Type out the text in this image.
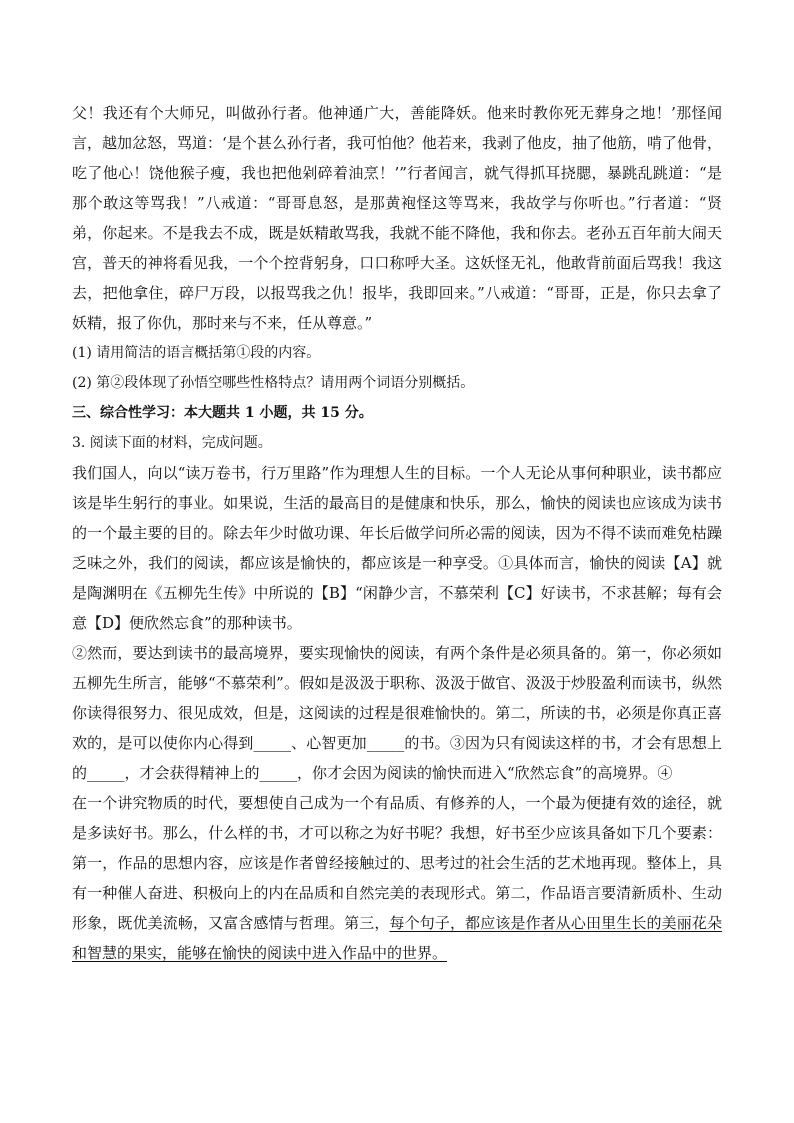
父！我还有个大师兄，叫做孙行者。他神通广大，善能降妖。他来时教你死无葬身之地！’那怪闻言，越加忿怒，骂道：‘是个甚么孙行者，我可怕他？他若来，我剥了他皮，抽了他筋，啃了他骨，吃了他心！饶他猴子瘦，我也把他剁碎着油烹！’”行者闻言，就气得抓耳挠腮，暴跳乱跳道：“是那个敢这等骂我！”八戒道：“哥哥息怒，是那黄袍怪这等骂来，我故学与你听也。”行者道：“贤弟，你起来。不是我去不成，既是妖精敢骂我，我就不能不降他，我和你去。老孙五百年前大闹天宫，普天的神将看见我，一个个控背躬身，口口称呼大圣。这妖怪无礼，他敢背前面后骂我！我这去，把他拿住，碎尸万段，以报骂我之仇！报毕，我即回来。”八戒道：“哥哥，正是，你只去拿了妖精，报了你仇，那时来与不来，任从尊意。”

(1) 请用简洁的语言概括第①段的内容。

(2) 第②段体现了孙悟空哪些性格特点？请用两个词语分别概括。

三、综合性学习：本大题共 1 小题，共 15 分。

3. 阅读下面的材料，完成问题。

我们国人，向以“读万卷书，行万里路”作为理想人生的目标。一个人无论从事何种职业，读书都应该是毕生躬行的事业。如果说，生活的最高目的是健康和快乐，那么，愉快的阅读也应该成为读书的一个最主要的目的。除去年少时做功课、年长后做学问所必需的阅读，因为不得不读而难免枯躁乏味之外，我们的阅读，都应该是愉快的，都应该是一种享受。①具体而言，愉快的阅读【A】就是陶渊明在《五柳先生传》中所说的【B】“闲静少言，不慕荣利【C】好读书，不求甚解；每有会意【D】便欣然忘食”的那种读书。

②然而，要达到读书的最高境界，要实现愉快的阅读，有两个条件是必须具备的。第一，你必须如五柳先生所言，能够“不慕荣利”。假如是汲汲于职称、汲汲于做官、汲汲于炒股盈利而读书，纵然你读得很努力、很见成效，但是，这阅读的过程是很难愉快的。第二，所读的书，必须是你真正喜欢的，是可以使你内心得到_____、心智更加_____的书。③因为只有阅读这样的书，才会有思想上的_____，才会获得精神上的_____，你才会因为阅读的愉快而进入“欣然忘食”的高境界。④

在一个讲究物质的时代，要想使自己成为一个有品质、有修养的人，一个最为便捷有效的途径，就是多读好书。那么，什么样的书，才可以称之为好书呢？我想，好书至少应该具备如下几个要素：第一，作品的思想内容，应该是作者曾经接触过的、思考过的社会生活的艺术地再现。整体上，具有一种催人奋进、积极向上的内在品质和自然完美的表现形式。第二，作品语言要清新质朴、生动形象，既优美流畅，又富含感情与哲理。第三，每个句子，都应该是作者从心田里生长的美丽花朵和智慧的果实，能够在愉快的阅读中进入作品中的世界。
